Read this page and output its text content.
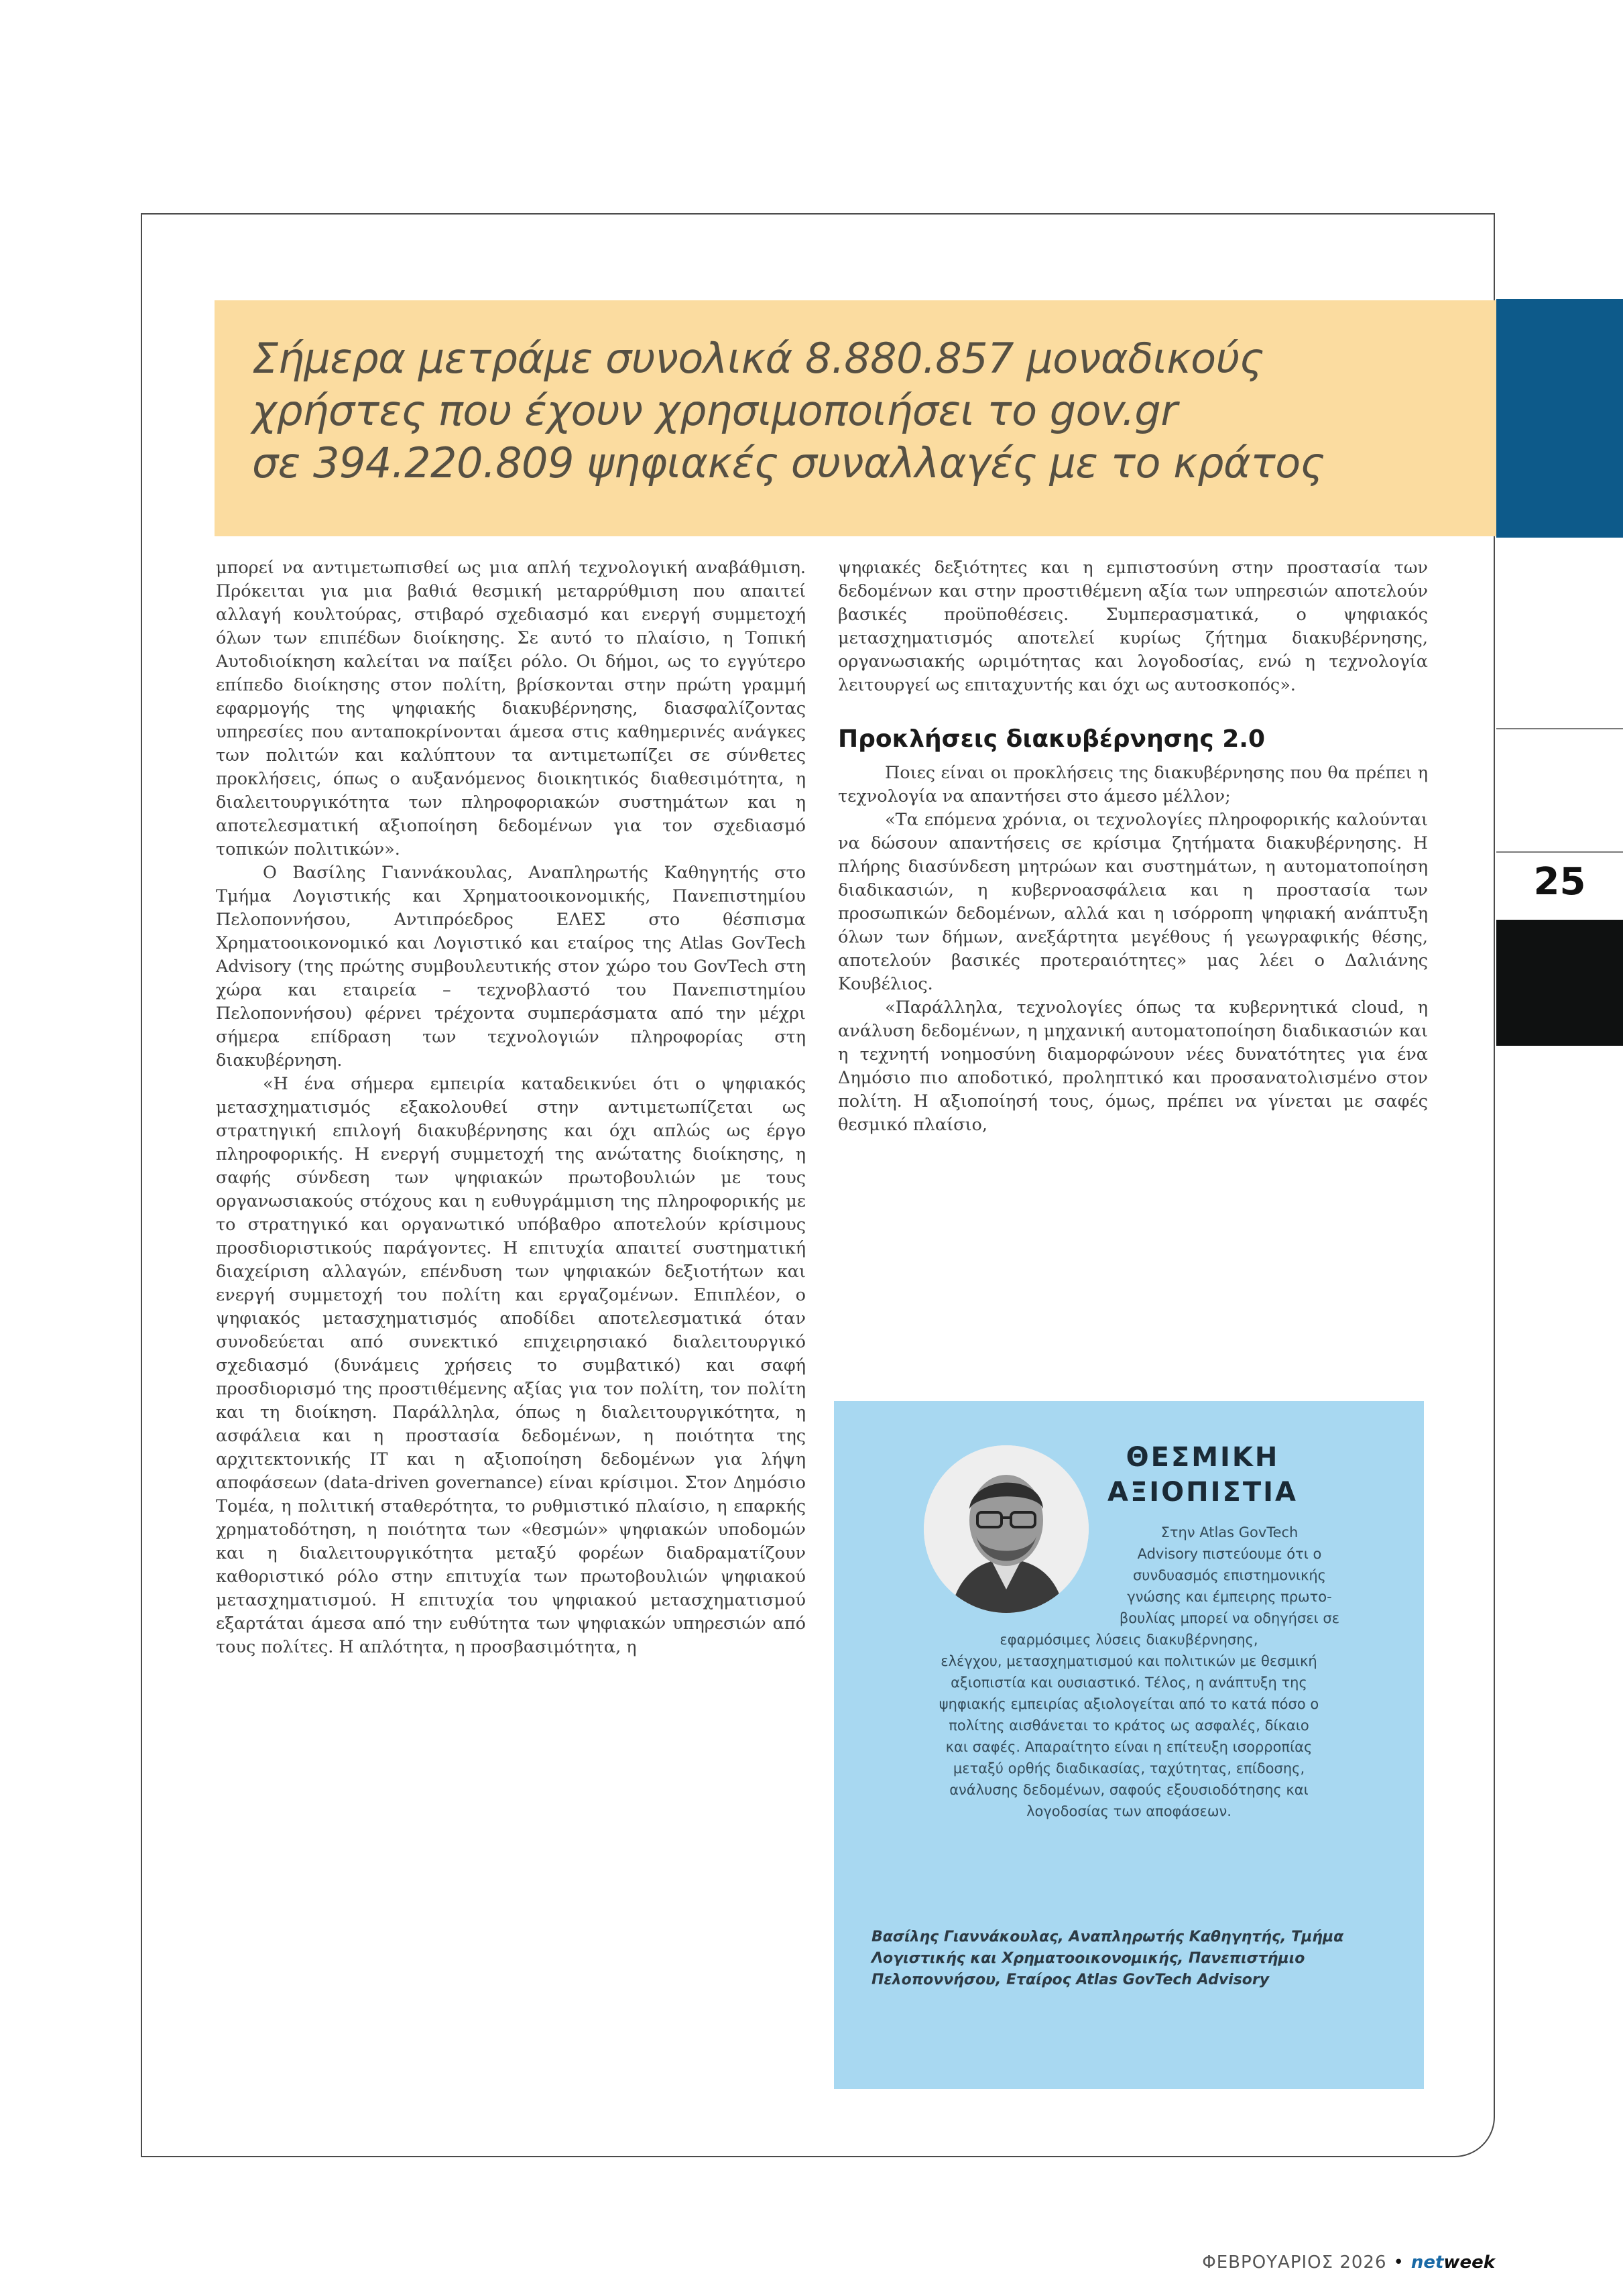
Σήμερα μετράμε συνολικά 8.880.857 μοναδικούς

χρήστες που έχουν χρησιμοποιήσει το gov.gr

σε 394.220.809 ψηφιακές συναλλαγές με το κράτος

25

μπορεί να αντιμετωπισθεί ως μια απλή τεχνολογική αναβάθμιση. Πρόκειται για μια βαθιά θεσμική μεταρρύθμιση που απαιτεί αλλαγή κουλτούρας, στιβαρό σχεδιασμό και ενεργή συμμετοχή όλων των επιπέδων διοίκησης. Σε αυτό το πλαίσιο, η Τοπική Αυτοδιοίκηση καλείται να παίξει ρόλο. Οι δήμοι, ως το εγγύτερο επίπεδο διοίκησης στον πολίτη, βρίσκονται στην πρώτη γραμμή εφαρμογής της ψηφιακής διακυβέρνησης, διασφαλίζοντας υπηρεσίες που ανταποκρίνονται άμεσα στις καθημερινές ανάγκες των πολιτών και καλύπτουν τα αντιμετωπίζει σε σύνθετες προκλήσεις, όπως ο αυξανόμενος διοικητικός διαθεσιμότητα, η διαλειτουργικότητα των πληροφοριακών συστημάτων και η αποτελεσματική αξιοποίηση δεδομένων για τον σχεδιασμό τοπικών πολιτικών».

Ο Βασίλης Γιαννάκουλας, Αναπληρωτής Καθηγητής στο Τμήμα Λογιστικής και Χρηματοοικονομικής, Πανεπιστημίου Πελοποννήσου, Αντιπρόεδρος ΕΛΕΣ στο θέσπισμα Χρηματοοικονομικό και Λογιστικό και εταίρος της Atlas GovTech Advisory (της πρώτης συμβουλευτικής στον χώρο του GovTech στη χώρα και εταιρεία – τεχνοβλαστό του Πανεπιστημίου Πελοποννήσου) φέρνει τρέχοντα συμπεράσματα από την μέχρι σήμερα επίδραση των τεχνολογιών πληροφορίας στη διακυβέρνηση.

«Η ένα σήμερα εμπειρία καταδεικνύει ότι ο ψηφιακός μετασχηματισμός εξακολουθεί στην αντιμετωπίζεται ως στρατηγική επιλογή διακυβέρνησης και όχι απλώς ως έργο πληροφορικής. Η ενεργή συμμετοχή της ανώτατης διοίκησης, η σαφής σύνδεση των ψηφιακών πρωτοβουλιών με τους οργανωσιακούς στόχους και η ευθυγράμμιση της πληροφορικής με το στρατηγικό και οργανωτικό υπόβαθρο αποτελούν κρίσιμους προσδιοριστικούς παράγοντες. Η επιτυχία απαιτεί συστηματική διαχείριση αλλαγών, επένδυση των ψηφιακών δεξιοτήτων και ενεργή συμμετοχή του πολίτη και εργαζομένων. Επιπλέον, ο ψηφιακός μετασχηματισμός αποδίδει αποτελεσματικά όταν συνοδεύεται από συνεκτικό επιχειρησιακό διαλειτουργικό σχεδιασμό (δυνάμεις χρήσεις το συμβατικό) και σαφή προσδιορισμό της προστιθέμενης αξίας για τον πολίτη, τον πολίτη και τη διοίκηση. Παράλληλα, όπως η διαλειτουργικότητα, η ασφάλεια και η προστασία δεδομένων, η ποιότητα της αρχιτεκτονικής ΙΤ και η αξιοποίηση δεδομένων για λήψη αποφάσεων (data-driven governance) είναι κρίσιμοι. Στον Δημόσιο Τομέα, η πολιτική σταθερότητα, το ρυθμιστικό πλαίσιο, η επαρκής χρηματοδότηση, η ποιότητα των «θεσμών» ψηφιακών υποδομών και η διαλειτουργικότητα μεταξύ φορέων διαδραματίζουν καθοριστικό ρόλο στην επιτυχία των πρωτοβουλιών ψηφιακού μετασχηματισμού. Η επιτυχία του ψηφιακού μετασχηματισμού εξαρτάται άμεσα από την ευθύτητα των ψηφιακών υπηρεσιών από τους πολίτες. Η απλότητα, η προσβασιμότητα, η

ψηφιακές δεξιότητες και η εμπιστοσύνη στην προστασία των δεδομένων και στην προστιθέμενη αξία των υπηρεσιών αποτελούν βασικές προϋποθέσεις. Συμπερασματικά, ο ψηφιακός μετασχηματισμός αποτελεί κυρίως ζήτημα διακυβέρνησης, οργανωσιακής ωριμότητας και λογοδοσίας, ενώ η τεχνολογία λειτουργεί ως επιταχυντής και όχι ως αυτοσκοπός».

Προκλήσεις διακυβέρνησης 2.0

Ποιες είναι οι προκλήσεις της διακυβέρνησης που θα πρέπει η τεχνολογία να απαντήσει στο άμεσο μέλλον;

«Τα επόμενα χρόνια, οι τεχνολογίες πληροφορικής καλούνται να δώσουν απαντήσεις σε κρίσιμα ζητήματα διακυβέρνησης. Η πλήρης διασύνδεση μητρώων και συστημάτων, η αυτοματοποίηση διαδικασιών, η κυβερνοασφάλεια και η προστασία των προσωπικών δεδομένων, αλλά και η ισόρροπη ψηφιακή ανάπτυξη όλων των δήμων, ανεξάρτητα μεγέθους ή γεωγραφικής θέσης, αποτελούν βασικές προτεραιότητες» μας λέει ο Δαλιάνης Κουβέλιος.

«Παράλληλα, τεχνολογίες όπως τα κυβερνητικά cloud, η ανάλυση δεδομένων, η μηχανική αυτοματοποίηση διαδικασιών και η τεχνητή νοημοσύνη διαμορφώνουν νέες δυνατότητες για ένα Δημόσιο πιο αποδοτικό, προληπτικό και προσανατολισμένο στον πολίτη. Η αξιοποίησή τους, όμως, πρέπει να γίνεται με σαφές θεσμικό πλαίσιο,

ΘΕΣΜΙΚΗ
ΑΞΙΟΠΙΣΤΙΑ
Στην Atlas GovTech
Advisory πιστεύουμε ότι ο
συνδυασμός επιστημονικής
γνώσης και έμπειρης πρωτο-
βουλίας μπορεί να οδηγήσει σε
εφαρμόσιμες λύσεις διακυβέρνησης,
ελέγχου, μετασχηματισμού και πολιτικών με θεσμική
αξιοπιστία και ουσιαστικό. Τέλος, η ανάπτυξη της
ψηφιακής εμπειρίας αξιολογείται από το κατά πόσο ο
πολίτης αισθάνεται το κράτος ως ασφαλές, δίκαιο
και σαφές. Απαραίτητο είναι η επίτευξη ισορροπίας
μεταξύ ορθής διαδικασίας, ταχύτητας, επίδοσης,
ανάλυσης δεδομένων, σαφούς εξουσιοδότησης και
λογοδοσίας των αποφάσεων.
Βασίλης Γιαννάκουλας, Αναπληρωτής Καθηγητής, Τμήμα Λογιστικής και Χρηματοοικονομικής, Πανεπιστήμιο Πελοποννήσου, Εταίρος Atlas GovTech Advisory
ΦΕΒΡΟΥΑΡΙΟΣ 2026 • netweek
